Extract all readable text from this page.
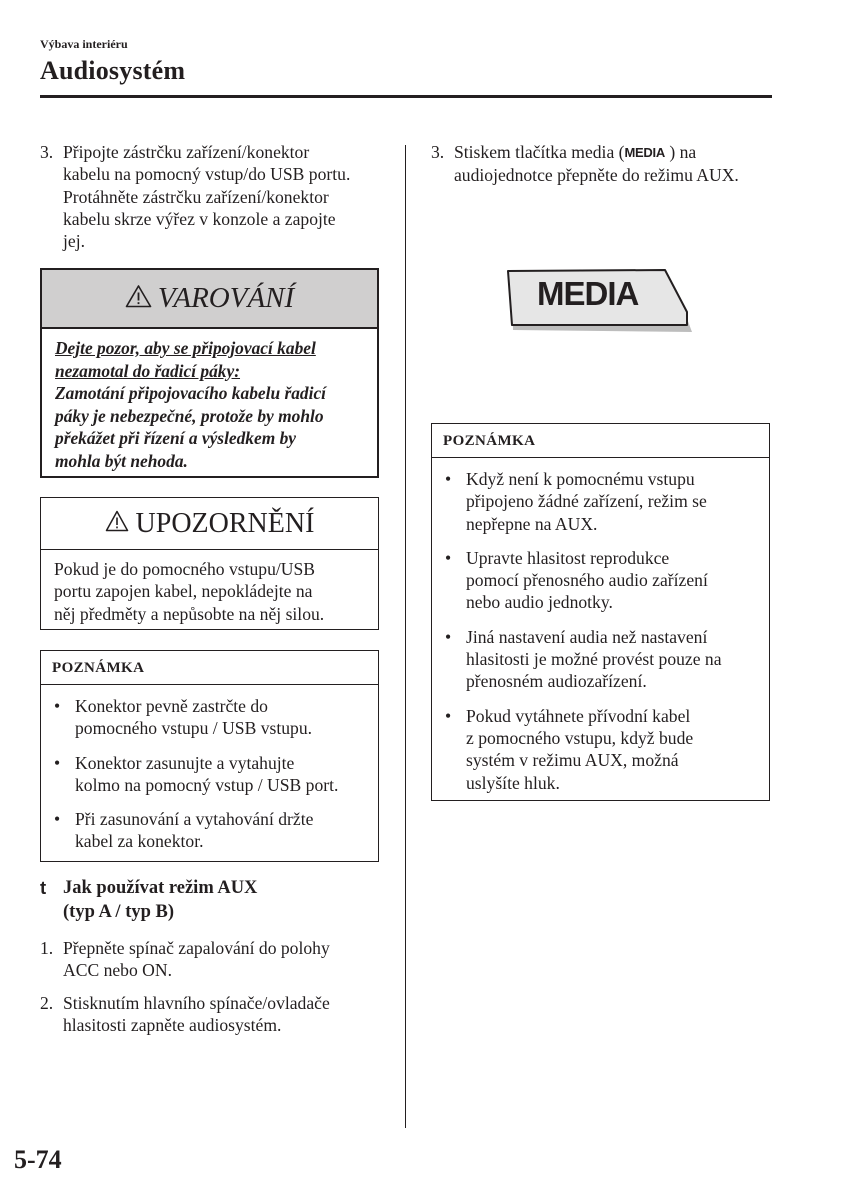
Výbava interiéru
Audiosystém
3. Připojte zástrčku zařízení/konektor
kabelu na pomocný vstup/do USB portu.
Protáhněte zástrčku zařízení/konektor
kabelu skrze výřez v konzole a zapojte
jej.
VAROVÁNÍ
Dejte pozor, aby se připojovací kabel
nezamotal do řadicí páky:
Zamotání připojovacího kabelu řadicí
páky je nebezpečné, protože by mohlo
překážet při řízení a výsledkem by
mohla být nehoda.
UPOZORNĚNÍ
Pokud je do pomocného vstupu/USB
portu zapojen kabel, nepokládejte na
něj předměty a nepůsobte na něj silou.
POZNÁMKA
• Konektor pevně zastrčte do
pomocného vstupu / USB vstupu.
• Konektor zasunujte a vytahujte
kolmo na pomocný vstup / USB port.
• Při zasunování a vytahování držte
kabel za konektor.
t Jak používat režim AUX
(typ A / typ B)
1. Přepněte spínač zapalování do polohy
ACC nebo ON.
2. Stisknutím hlavního spínače/ovladače
hlasitosti zapněte audiosystém.
3. Stiskem tlačítka media (MEDIA ) na
audiojednotce přepněte do režimu AUX.
MEDIA
POZNÁMKA
• Když není k pomocnému vstupu
připojeno žádné zařízení, režim se
nepřepne na AUX.
• Upravte hlasitost reprodukce
pomocí přenosného audio zařízení
nebo audio jednotky.
• Jiná nastavení audia než nastavení
hlasitosti je možné provést pouze na
přenosném audiozařízení.
• Pokud vytáhnete přívodní kabel
z pomocného vstupu, když bude
systém v režimu AUX, možná
uslyšíte hluk.
5-74
